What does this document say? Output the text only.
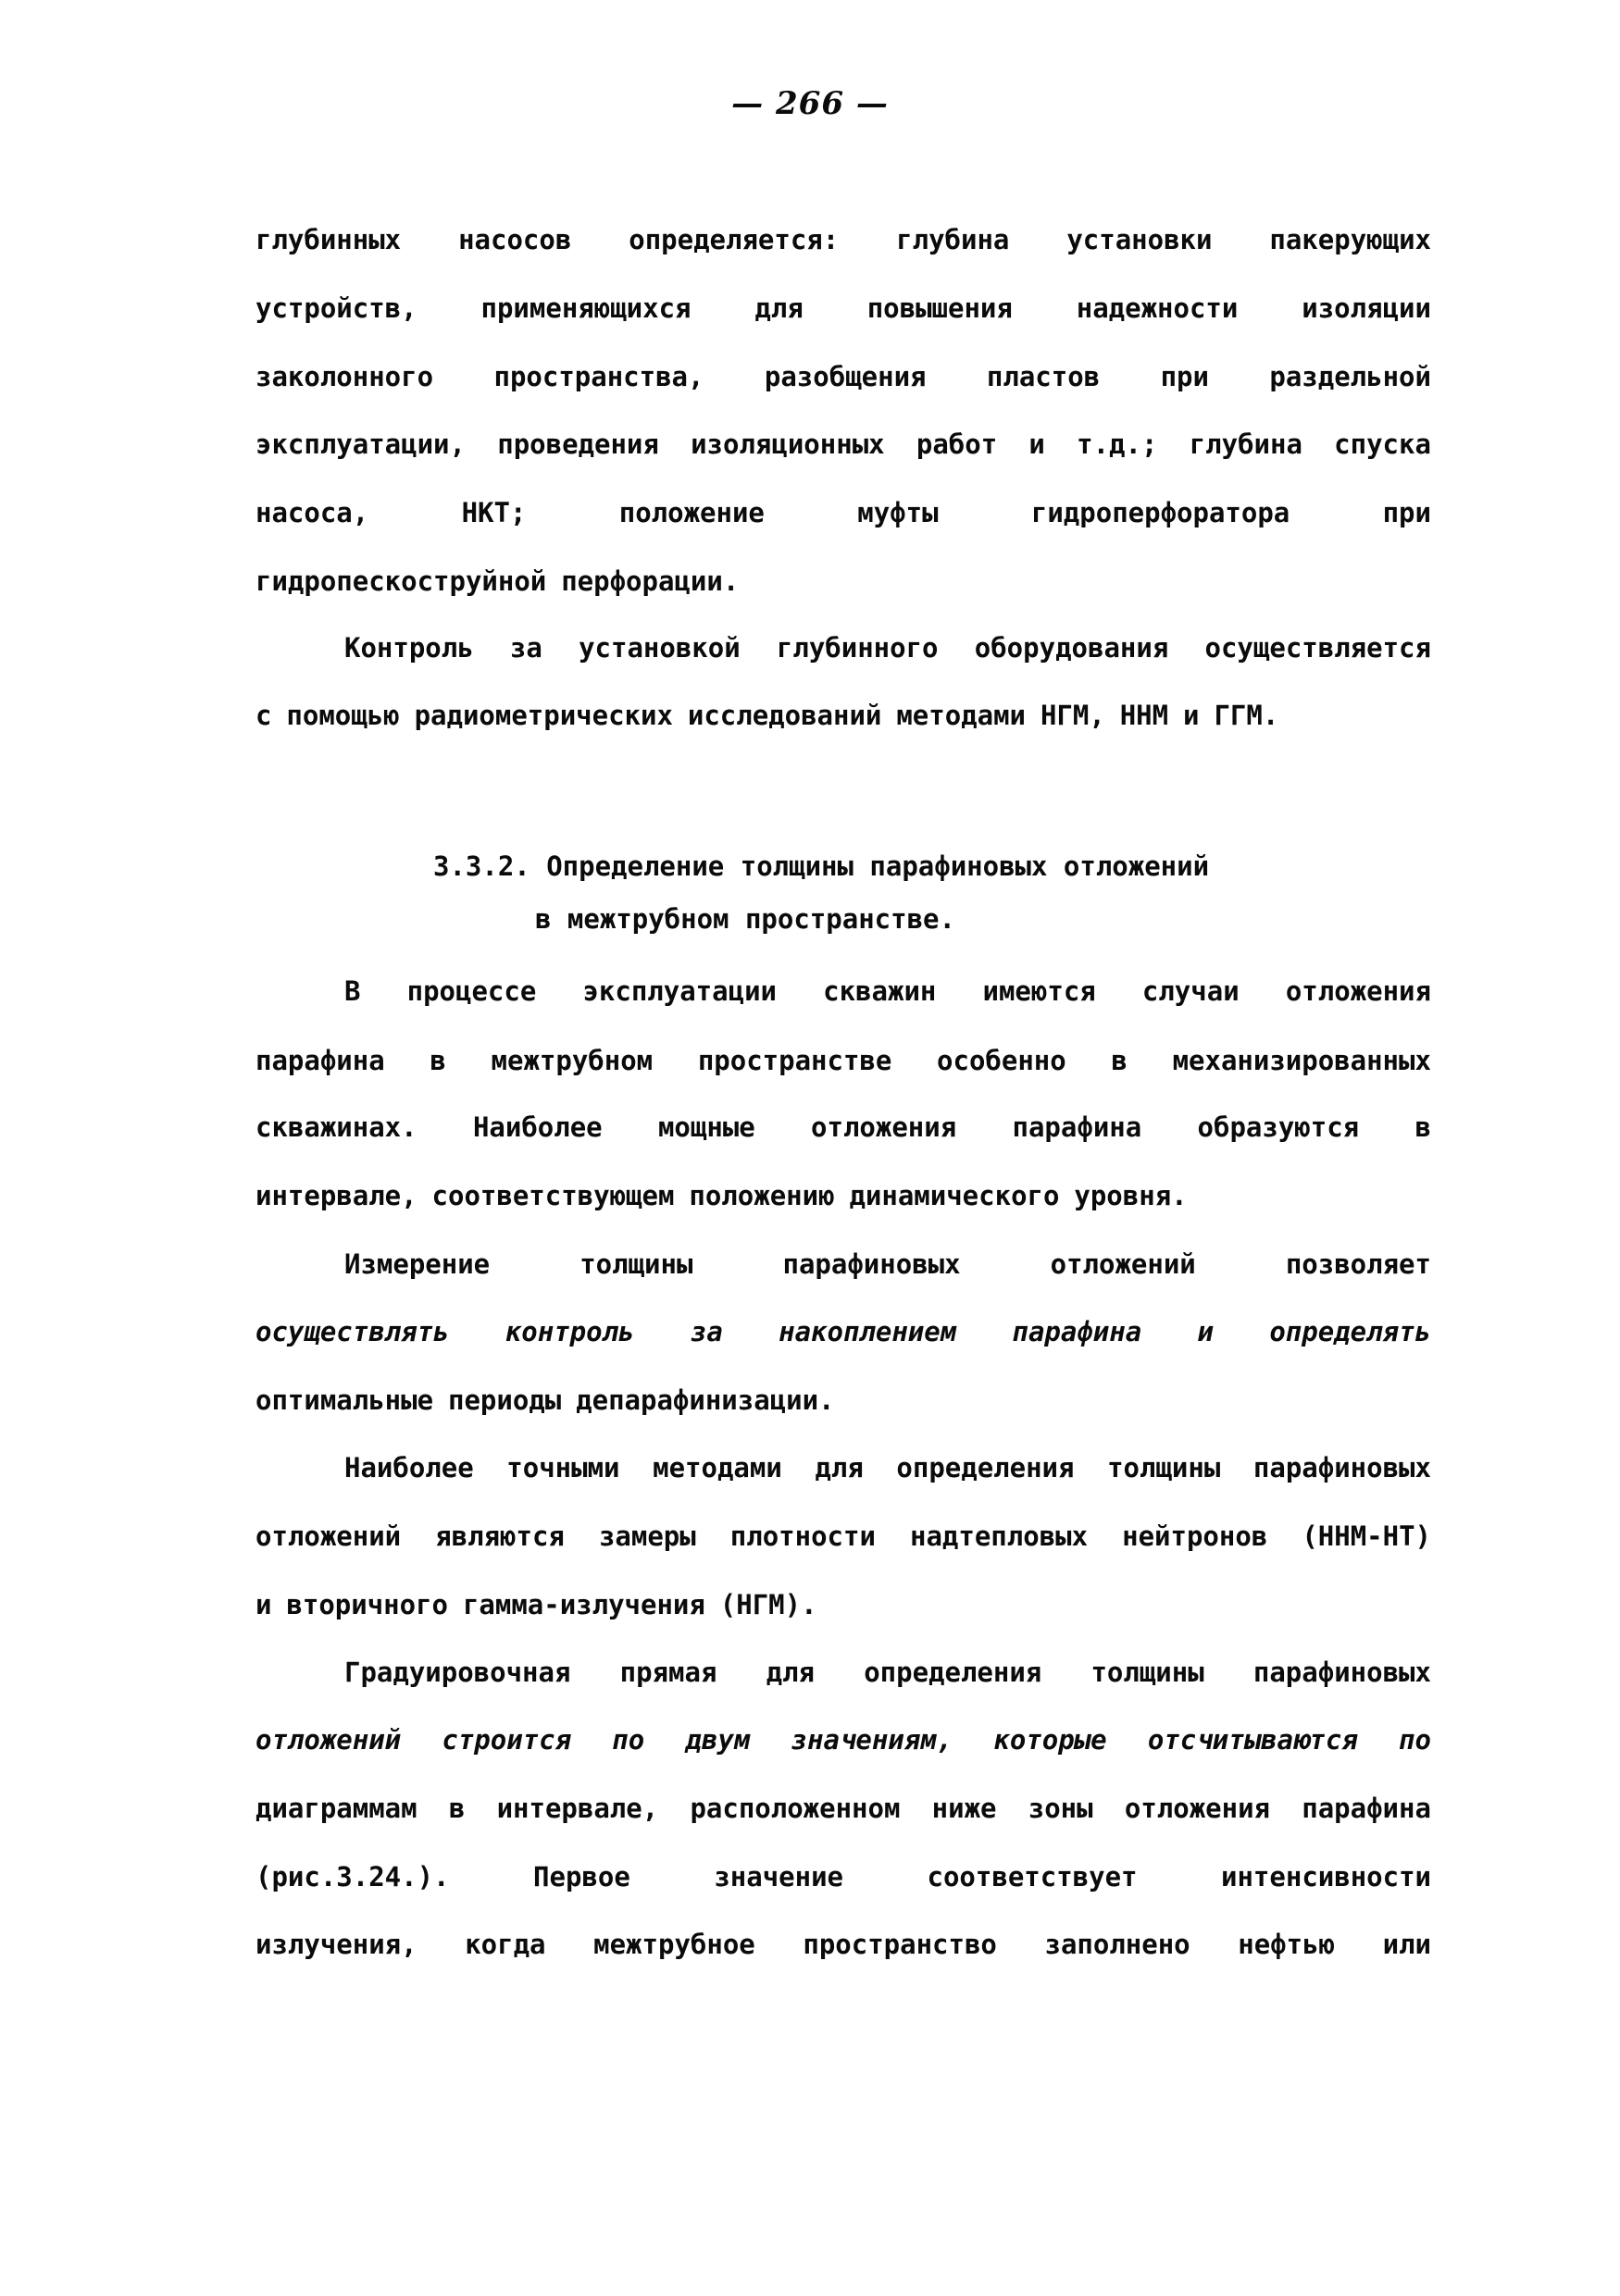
— 266 —
глубинных насосов определяется: глубина установки пакерующих
устройств, применяющихся для повышения надежности изоляции
заколонного пространства, разобщения пластов при раздельной
эксплуатации, проведения изоляционных работ и т.д.; глубина спуска
насоса,	НКТ;	положение	муфты	гидроперфоратора	при
гидропескоструйной перфорации.
Контроль за установкой глубинного оборудования осуществляется
с помощью радиометрических исследований методами НГМ, ННМ и ГГМ.
В процессе эксплуатации скважин имеются случаи отложения
парафина в межтрубном пространстве особенно в механизированных
скважинах. Наиболее мощные отложения парафина образуются в
интервале, соответствующем положению динамического уровня.
Измерение	толщины	парафиновых	отложений	позволяет
осуществлять контроль за накоплением парафина и определять
оптимальные периоды депарафинизации.
Наиболее точными методами для определения толщины парафиновых
отложений являются замеры плотности надтепловых нейтронов (ННМ-НТ)
и вторичного гамма-излучения (НГМ).
Градуировочная прямая для определения толщины парафиновых
отложений строится по двум значениям, которые отсчитываются по
диаграммам в интервале, расположенном ниже зоны отложения парафина
(рис.3.24.).	Первое	значение	соответствует	интенсивности
излучения, когда межтрубное пространство заполнено нефтью или
3.3.2. Определение толщины парафиновых отложений
в межтрубном пространстве.
